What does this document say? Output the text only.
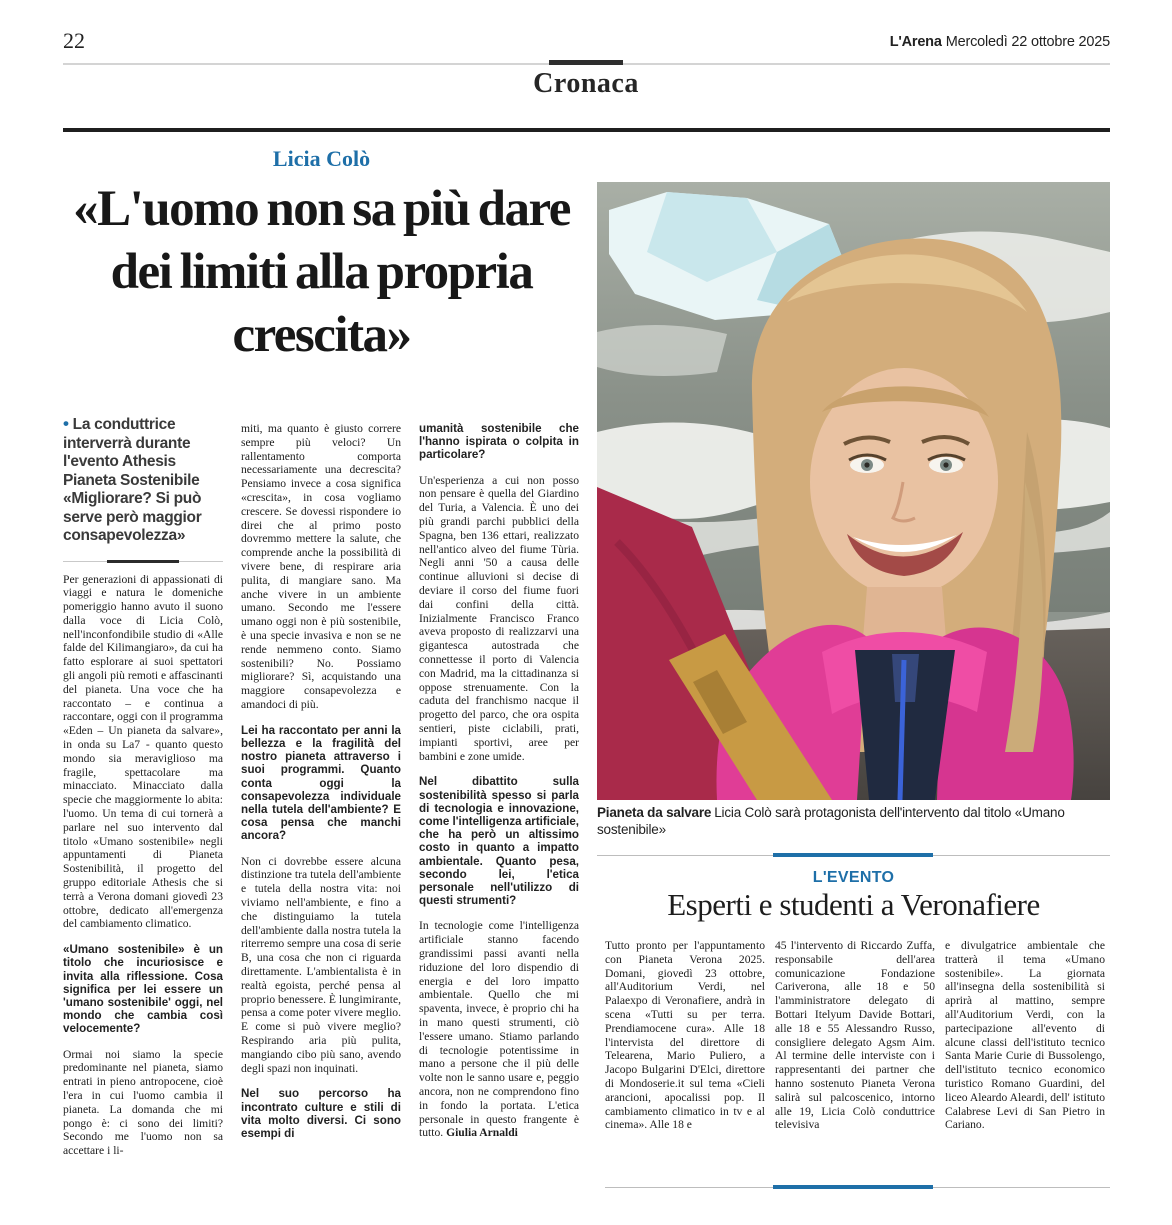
22	L'Arena Mercoledì 22 ottobre 2025
Cronaca
Licia Colò
«L'uomo non sa più dare dei limiti alla propria crescita»
• La conduttrice interverrà durante l'evento Athesis Pianeta Sostenibile «Migliorare? Si può serve però maggior consapevolezza»

Per generazioni di appassionati di viaggi e natura le domeniche pomeriggio hanno avuto il suono dalla voce di Licia Colò, nell'inconfondibile studio di «Alle falde del Kilimangiaro», da cui ha fatto esplorare ai suoi spettatori gli angoli più remoti e affascinanti del pianeta. Una voce che ha raccontato – e continua a raccontare, oggi con il programma «Eden – Un pianeta da salvare», in onda su La7 - quanto questo mondo sia meraviglioso ma fragile, spettacolare ma minacciato. Minacciato dalla specie che maggiormente lo abita: l'uomo. Un tema di cui tornerà a parlare nel suo intervento dal titolo «Umano sostenibile» negli appuntamenti di Pianeta Sostenibilità, il progetto del gruppo editoriale Athesis che si terrà a Verona domani giovedì 23 ottobre, dedicato all'emergenza del cambiamento climatico.

«Umano sostenibile» è un titolo che incuriosisce e invita alla riflessione. Cosa significa per lei essere un 'umano sostenibile' oggi, nel mondo che cambia così velocemente?

Ormai noi siamo la specie predominante nel pianeta, siamo entrati in pieno antropocene, cioè l'era in cui l'uomo cambia il pianeta. La domanda che mi pongo è: ci sono dei limiti? Secondo me l'uomo non sa accettare i li-

miti, ma quanto è giusto correre sempre più veloci? Un rallentamento comporta necessariamente una decrescita? Pensiamo invece a cosa significa «crescita», in cosa vogliamo crescere. Se dovessi rispondere io direi che al primo posto dovremmo mettere la salute, che comprende anche la possibilità di vivere bene, di respirare aria pulita, di mangiare sano. Ma anche vivere in un ambiente umano. Secondo me l'essere umano oggi non è più sostenibile, è una specie invasiva e non se ne rende nemmeno conto. Siamo sostenibili? No. Possiamo migliorare? Sì, acquistando una maggiore consapevolezza e amandoci di più.

Lei ha raccontato per anni la bellezza e la fragilità del nostro pianeta attraverso i suoi programmi. Quanto conta oggi la consapevolezza individuale nella tutela dell'ambiente? E cosa pensa che manchi ancora?

Non ci dovrebbe essere alcuna distinzione tra tutela dell'ambiente e tutela della nostra vita: noi viviamo nell'ambiente, e fino a che distinguiamo la tutela dell'ambiente dalla nostra tutela la riterremo sempre una cosa di serie B, una cosa che non ci riguarda direttamente. L'ambientalista è in realtà egoista, perché pensa al proprio benessere. È lungimirante, pensa a come poter vivere meglio. E come si può vivere meglio? Respirando aria più pulita, mangiando cibo più sano, avendo degli spazi non inquinati.

Nel suo percorso ha incontrato culture e stili di vita molto diversi. Ci sono esempi di

umanità sostenibile che l'hanno ispirata o colpita in particolare?

Un'esperienza a cui non posso non pensare è quella del Giardino del Turia, a Valencia. È uno dei più grandi parchi pubblici della Spagna, ben 136 ettari, realizzato nell'antico alveo del fiume Tùria. Negli anni '50 a causa delle continue alluvioni si decise di deviare il corso del fiume fuori dai confini della città. Inizialmente Francisco Franco aveva proposto di realizzarvi una gigantesca autostrada che connettesse il porto di Valencia con Madrid, ma la cittadinanza si oppose strenuamente. Con la caduta del franchismo nacque il progetto del parco, che ora ospita sentieri, piste ciclabili, prati, impianti sportivi, aree per bambini e zone umide.

Nel dibattito sulla sostenibilità spesso si parla di tecnologia e innovazione, come l'intelligenza artificiale, che ha però un altissimo costo in quanto a impatto ambientale. Quanto pesa, secondo lei, l'etica personale nell'utilizzo di questi strumenti?

In tecnologie come l'intelligenza artificiale stanno facendo grandissimi passi avanti nella riduzione del loro dispendio di energia e del loro impatto ambientale. Quello che mi spaventa, invece, è proprio chi ha in mano questi strumenti, ciò l'essere umano. Stiamo parlando di tecnologie potentissime in mano a persone che il più delle volte non le sanno usare e, peggio ancora, non ne comprendono fino in fondo la portata. L'etica personale in questo frangente è tutto. Giulia Arnaldi

Pianeta da salvare Licia Colò sarà protagonista dell'intervento dal titolo «Umano sostenibile»
L'EVENTO
Esperti e studenti a Veronafiere

Tutto pronto per l'appuntamento con Pianeta Verona 2025. Domani, giovedì 23 ottobre, all'Auditorium Verdi, nel Palaexpo di Veronafiere, andrà in scena «Tutti su per terra. Prendiamocene cura». Alle 18 l'intervista del direttore di Telearena, Mario Puliero, a Jacopo Bulgarini D'Elci, direttore di Mondoserie.it sul tema «Cieli arancioni, apocalissi pop. Il cambiamento climatico in tv e al cinema». Alle 18 e

45 l'intervento di Riccardo Zuffa, responsabile dell'area comunicazione Fondazione Cariverona, alle 18 e 50 l'amministratore delegato di Bottari Itelyum Davide Bottari, alle 18 e 55 Alessandro Russo, consigliere delegato Agsm Aim. Al termine delle interviste con i rappresentanti dei partner che hanno sostenuto Pianeta Verona salirà sul palcoscenico, intorno alle 19, Licia Colò conduttrice televisiva

e divulgatrice ambientale che tratterà il tema «Umano sostenibile». La giornata all'insegna della sostenibilità si aprirà al mattino, sempre all'Auditorium Verdi, con la partecipazione all'evento di alcune classi dell'istituto tecnico Santa Marie Curie di Bussolengo, dell'istituto tecnico economico turistico Romano Guardini, del liceo Aleardo Aleardi, dell' istituto Calabrese Levi di San Pietro in Cariano.
